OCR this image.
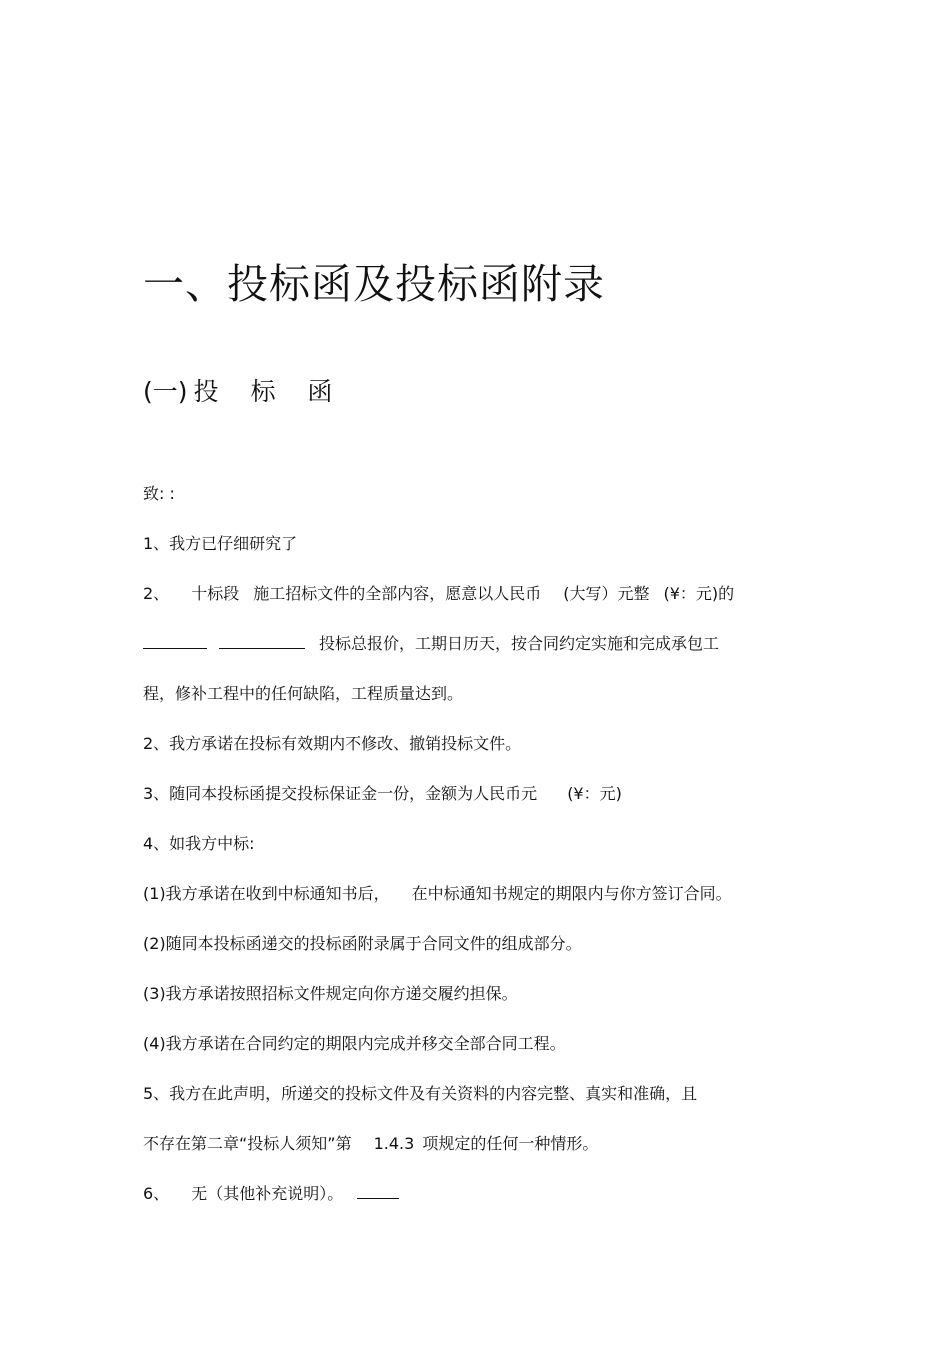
一、投标函及投标函附录
(一) 投 标 函
致: :
1、我方已仔细研究了
2、 十标段 施工招标文件的全部内容，愿意以人民币 (大写）元整 (¥：元)的
投标总报价，工期日历天，按合同约定实施和完成承包工
程，修补工程中的任何缺陷，工程质量达到。
2、我方承诺在投标有效期内不修改、撤销投标文件。
3、随同本投标函提交投标保证金一份，金额为人民币元 (¥：元)
4、如我方中标:
(1)我方承诺在收到中标通知书后， 在中标通知书规定的期限内与你方签订合同。
(2)随同本投标函递交的投标函附录属于合同文件的组成部分。
(3)我方承诺按照招标文件规定向你方递交履约担保。
(4)我方承诺在合同约定的期限内完成并移交全部合同工程。
5、我方在此声明，所递交的投标文件及有关资料的内容完整、真实和准确，且
不存在第二章“投标人须知”第 1.4.3 项规定的任何一种情形。
6、 无（其他补充说明）。
